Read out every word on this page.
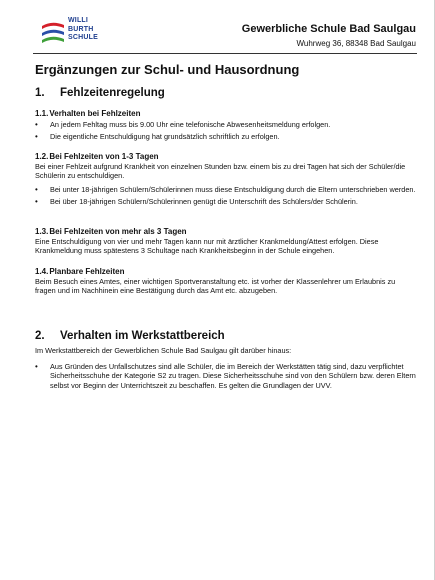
WILLI
BURTH
SCHULE
Gewerbliche Schule Bad Saulgau
Wuhrweg 36, 88348 Bad Saulgau
Ergänzungen zur Schul- und Hausordnung
1. Fehlzeitenregelung
1.1.Verhalten bei Fehlzeiten

• An jedem Fehltag muss bis 9.00 Uhr eine telefonische Abwesenheitsmeldung erfolgen.

• Die eigentliche Entschuldigung hat grundsätzlich schriftlich zu erfolgen.

1.2.Bei Fehlzeiten von 1-3 Tagen

Bei einer Fehlzeit aufgrund Krankheit von einzelnen Stunden bzw. einem bis zu drei Tagen hat sich der Schüler/die Schülerin zu entschuldigen.

• Bei unter 18-jährigen Schülern/Schülerinnen muss diese Entschuldigung durch die Eltern unterschrieben werden.

• Bei über 18-jährigen Schülern/Schülerinnen genügt die Unterschrift des Schülers/der Schülerin.

1.3.Bei Fehlzeiten von mehr als 3 Tagen

Eine Entschuldigung von vier und mehr Tagen kann nur mit ärztlicher Krankmeldung/Attest erfolgen. Diese Krankmeldung muss spätestens 3 Schultage nach Krankheitsbeginn in der Schule eingehen.

1.4.Planbare Fehlzeiten

Beim Besuch eines Amtes, einer wichtigen Sportveranstaltung etc. ist vorher der Klassenlehrer um Erlaubnis zu fragen und im Nachhinein eine Bestätigung durch das Amt etc. abzugeben.

2. Verhalten im Werkstattbereich

Im Werkstattbereich der Gewerblichen Schule Bad Saulgau gilt darüber hinaus:

• Aus Gründen des Unfallschutzes sind alle Schüler, die im Bereich der Werkstätten tätig sind, dazu verpflichtet Sicherheitsschuhe der Kategorie S2 zu tragen. Diese Sicherheitsschuhe sind von den Schülern bzw. deren Eltern selbst vor Beginn der Unterrichtszeit zu beschaffen. Es gelten die Grundlagen der UVV.
